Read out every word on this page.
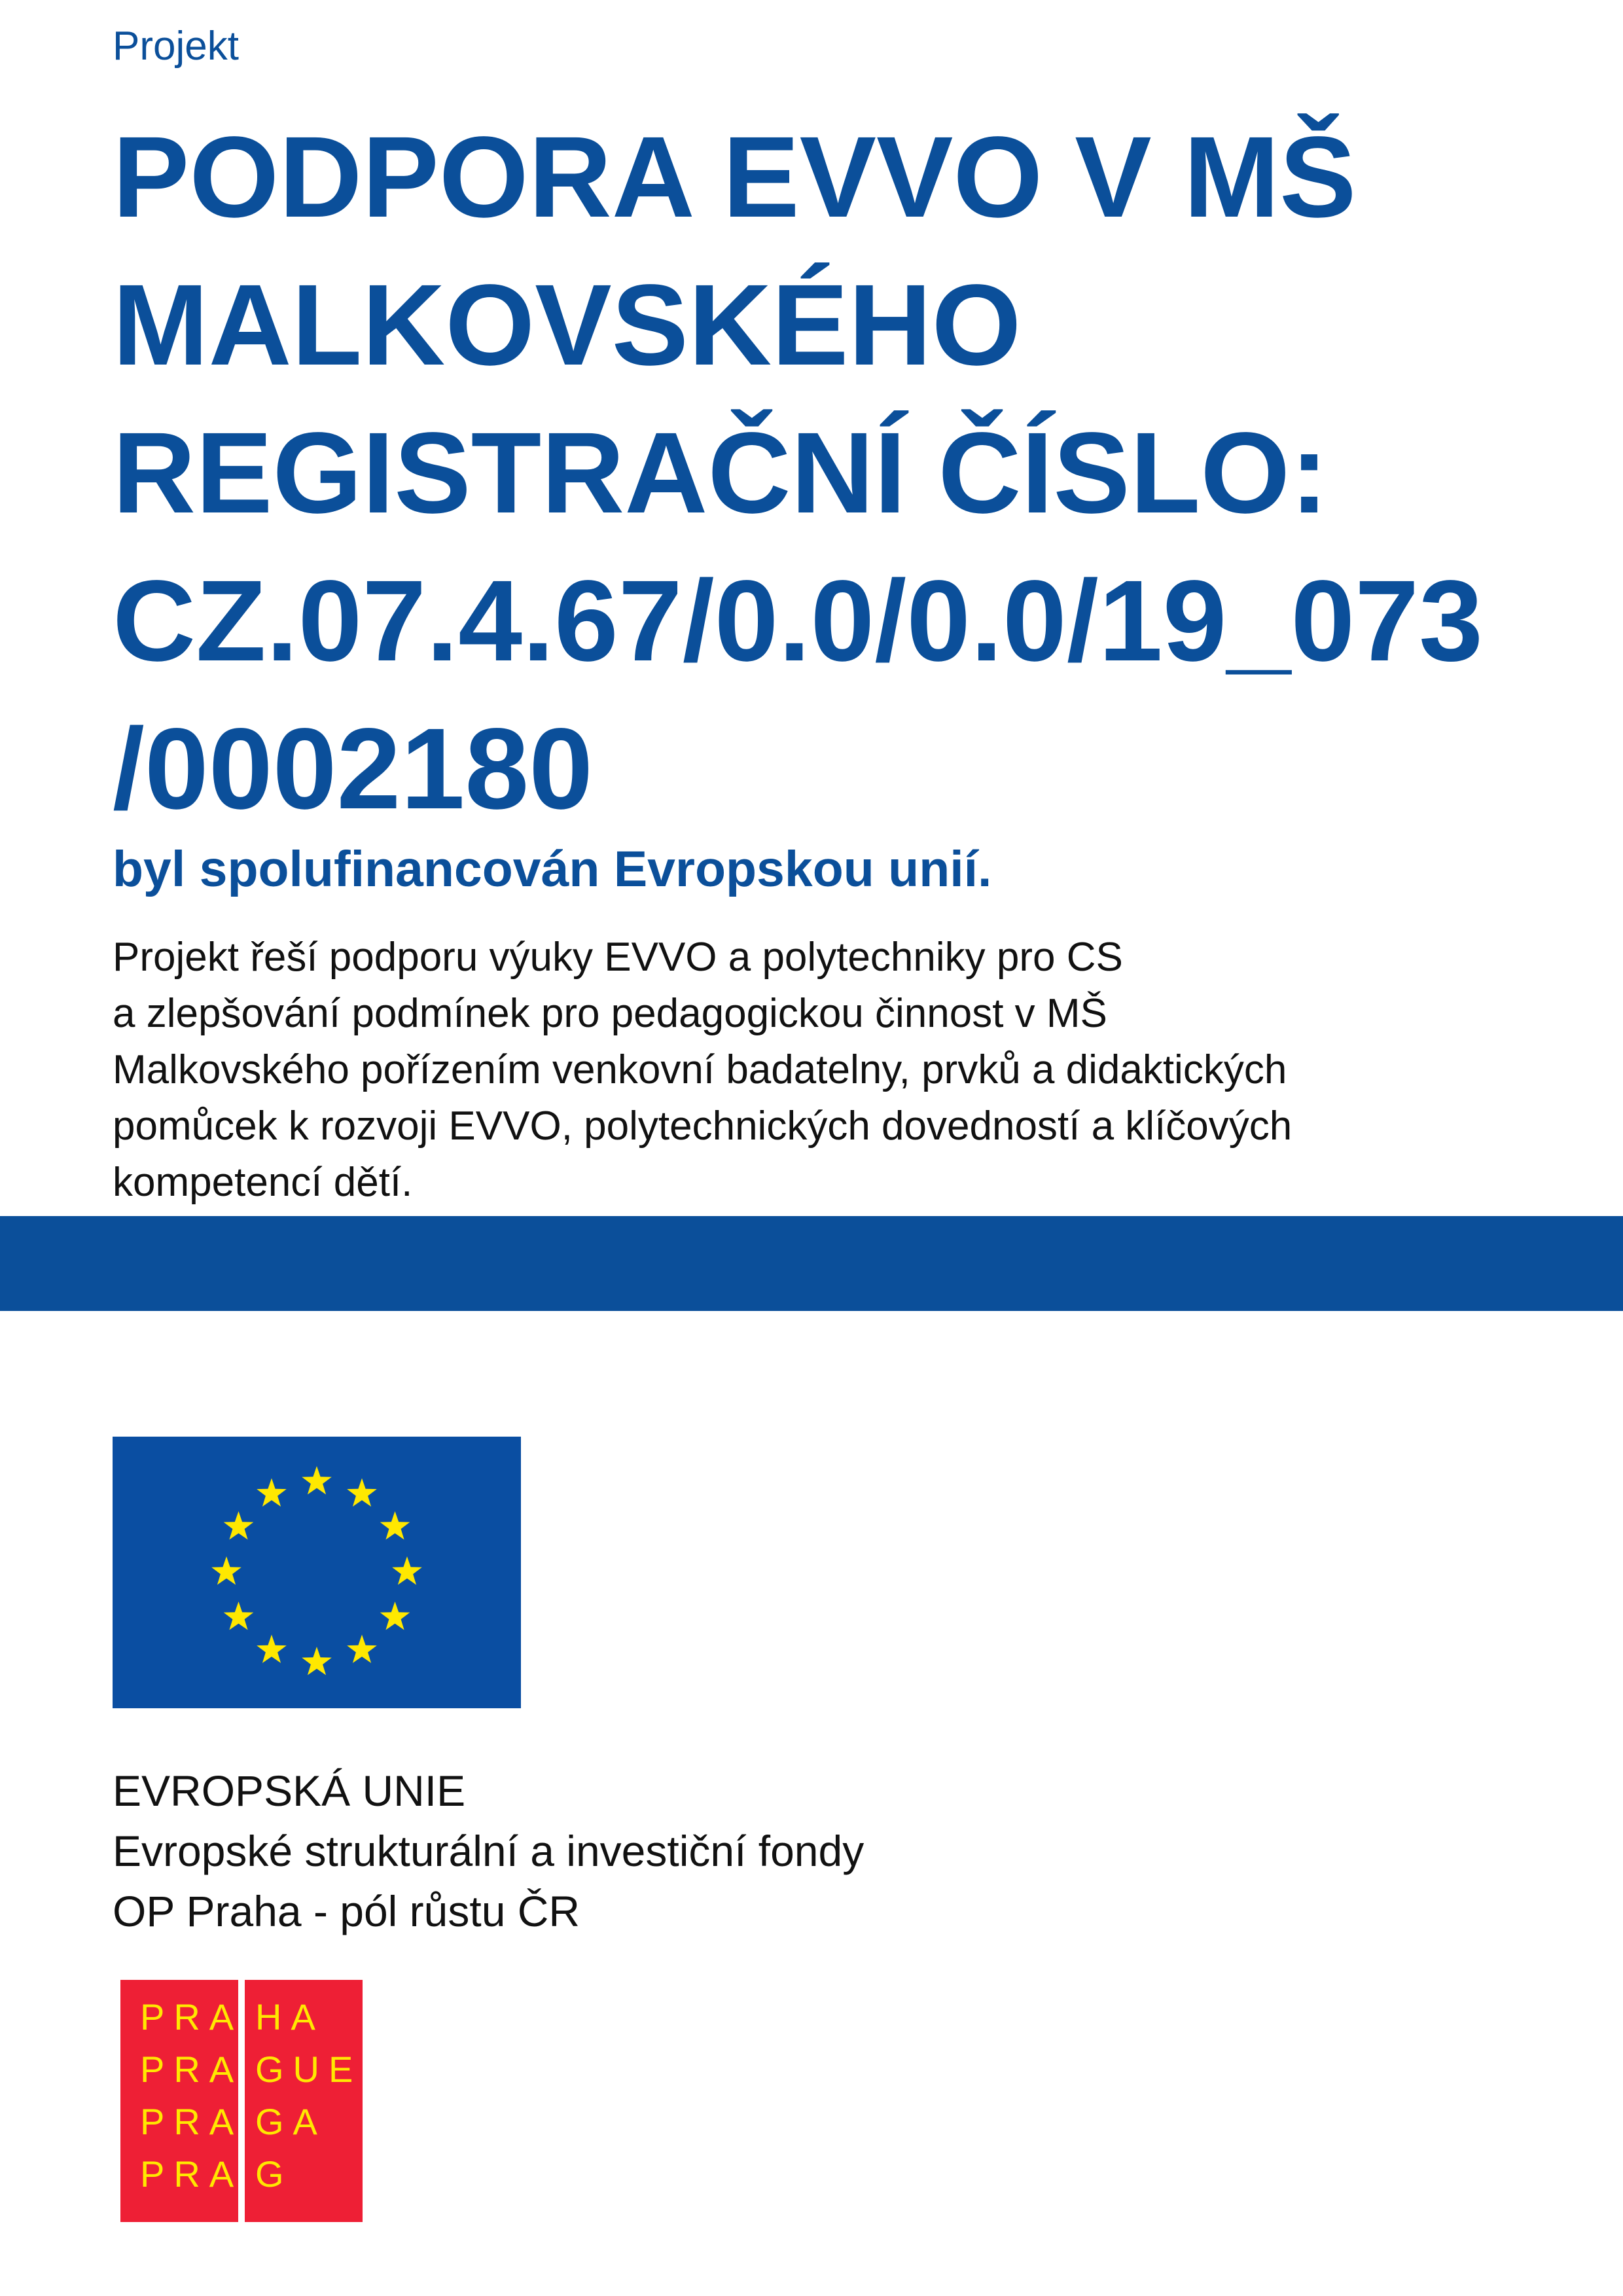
Projekt
PODPORA EVVO V MŠ
MALKOVSKÉHO
REGISTRAČNÍ ČÍSLO:
CZ.07.4.67/0.0/0.0/19_073
/0002180
byl spolufinancován Evropskou unií.
Projekt řeší podporu výuky EVVO a polytechniky pro CS
a zlepšování podmínek pro pedagogickou činnost v MŠ
Malkovského pořízením venkovní badatelny, prvků a didaktických
pomůcek k rozvoji EVVO, polytechnických dovedností a klíčových
kompetencí dětí.
EVROPSKÁ UNIE
Evropské strukturální a investiční fondy
OP Praha - pól růstu ČR
PRA
PRA
PRA
PRA
HA
GUE
GA
G
